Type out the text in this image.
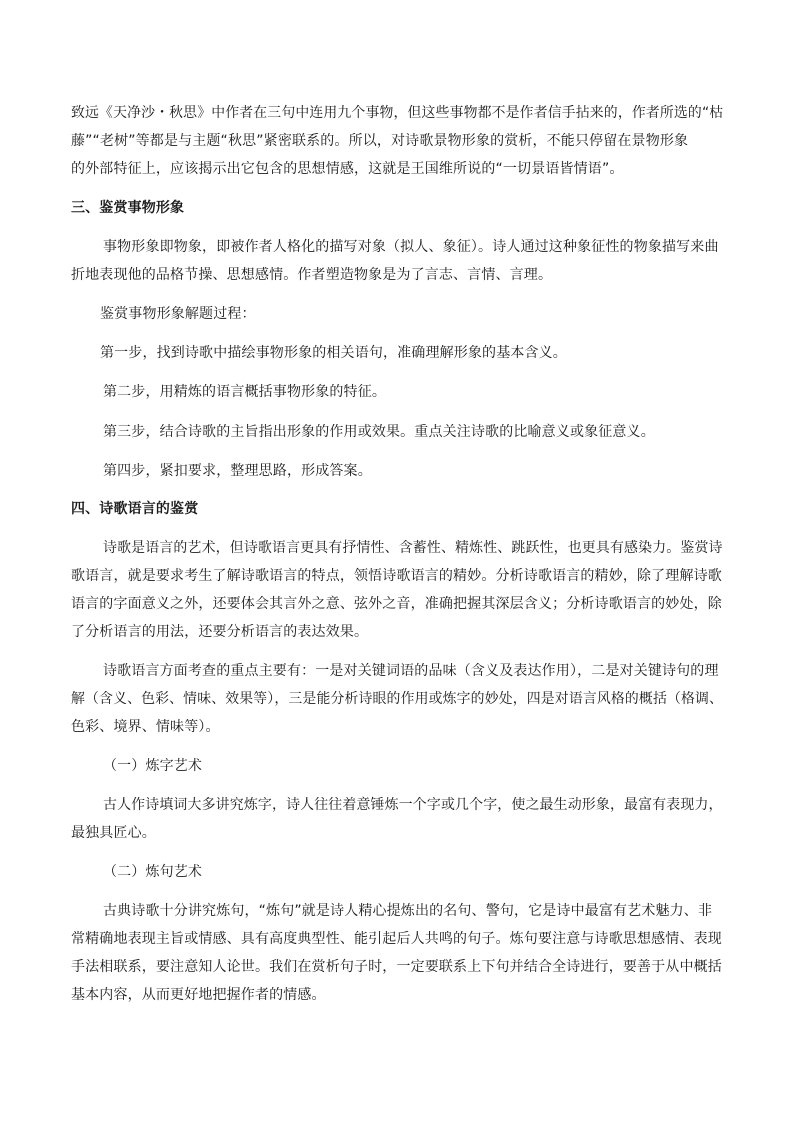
致远《天净沙・秋思》中作者在三句中连用九个事物，但这些事物都不是作者信手拈来的，作者所选的“枯
藤”“老树”等都是与主题“秋思”紧密联系的。所以，对诗歌景物形象的赏析，不能只停留在景物形象
的外部特征上，应该揭示出它包含的思想情感，这就是王国维所说的“一切景语皆情语”。
三、鉴赏事物形象
事物形象即物象，即被作者人格化的描写对象（拟人、象征）。诗人通过这种象征性的物象描写来曲
折地表现他的品格节操、思想感情。作者塑造物象是为了言志、言情、言理。
鉴赏事物形象解题过程：
第一步，找到诗歌中描绘事物形象的相关语句，准确理解形象的基本含义。
第二步，用精炼的语言概括事物形象的特征。
第三步，结合诗歌的主旨指出形象的作用或效果。重点关注诗歌的比喻意义或象征意义。
第四步，紧扣要求，整理思路，形成答案。
四、诗歌语言的鉴赏
诗歌是语言的艺术，但诗歌语言更具有抒情性、含蓄性、精炼性、跳跃性，也更具有感染力。鉴赏诗
歌语言，就是要求考生了解诗歌语言的特点，领悟诗歌语言的精妙。分析诗歌语言的精妙，除了理解诗歌
语言的字面意义之外，还要体会其言外之意、弦外之音，准确把握其深层含义；分析诗歌语言的妙处，除
了分析语言的用法，还要分析语言的表达效果。
诗歌语言方面考查的重点主要有：一是对关键词语的品味（含义及表达作用），二是对关键诗句的理
解（含义、色彩、情味、效果等），三是能分析诗眼的作用或炼字的妙处，四是对语言风格的概括（格调、
色彩、境界、情味等）。
（一）炼字艺术
古人作诗填词大多讲究炼字，诗人往往着意锤炼一个字或几个字，使之最生动形象，最富有表现力，
最独具匠心。
（二）炼句艺术
古典诗歌十分讲究炼句，“炼句”就是诗人精心提炼出的名句、警句，它是诗中最富有艺术魅力、非
常精确地表现主旨或情感、具有高度典型性、能引起后人共鸣的句子。炼句要注意与诗歌思想感情、表现
手法相联系，要注意知人论世。我们在赏析句子时，一定要联系上下句并结合全诗进行，要善于从中概括
基本内容，从而更好地把握作者的情感。
